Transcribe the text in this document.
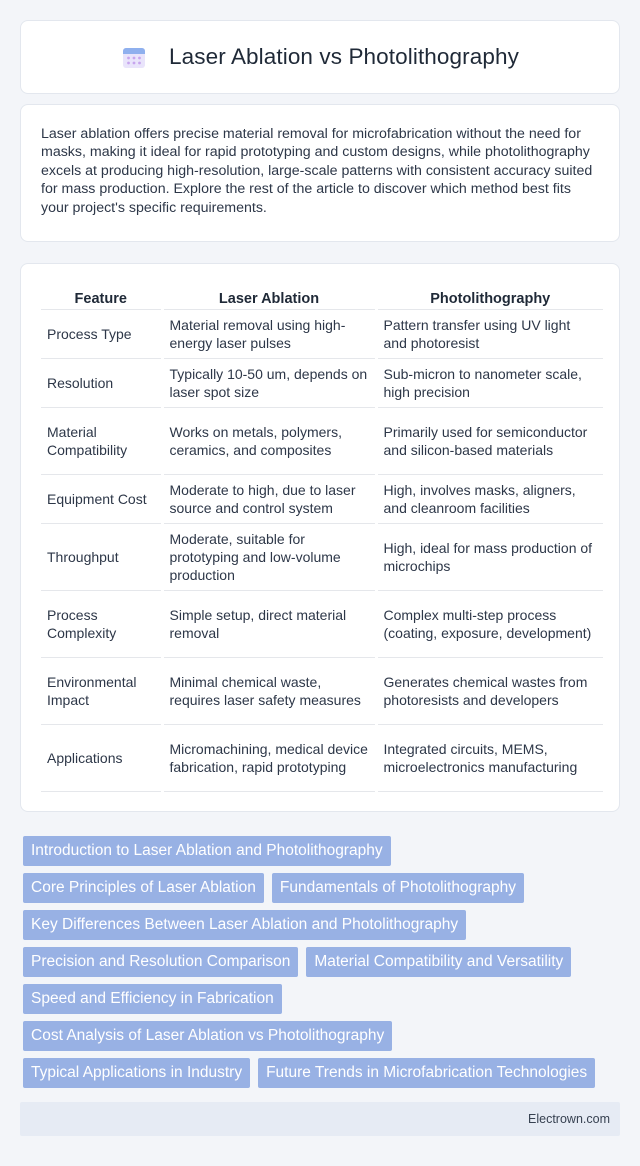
Laser Ablation vs Photolithography

Laser ablation offers precise material removal for microfabrication without the need for masks, making it ideal for rapid prototyping and custom designs, while photolithography excels at producing high-resolution, large-scale patterns with consistent accuracy suited for mass production. Explore the rest of the article to discover which method best fits your project's specific requirements.

Feature	Laser Ablation	Photolithography
Process Type	Material removal using high-energy laser pulses	Pattern transfer using UV light and photoresist
Resolution	Typically 10-50 um, depends on laser spot size	Sub-micron to nanometer scale, high precision
Material Compatibility	Works on metals, polymers, ceramics, and composites	Primarily used for semiconductor and silicon-based materials
Equipment Cost	Moderate to high, due to laser source and control system	High, involves masks, aligners, and cleanroom facilities
Throughput	Moderate, suitable for prototyping and low-volume production	High, ideal for mass production of microchips
Process Complexity	Simple setup, direct material removal	Complex multi-step process (coating, exposure, development)
Environmental Impact	Minimal chemical waste, requires laser safety measures	Generates chemical wastes from photoresists and developers
Applications	Micromachining, medical device fabrication, rapid prototyping	Integrated circuits, MEMS, microelectronics manufacturing
Introduction to Laser Ablation and Photolithography
Core Principles of Laser Ablation	Fundamentals of Photolithography
Key Differences Between Laser Ablation and Photolithography
Precision and Resolution Comparison	Material Compatibility and Versatility
Speed and Efficiency in Fabrication
Cost Analysis of Laser Ablation vs Photolithography
Typical Applications in Industry	Future Trends in Microfabrication Technologies
Electrown.com
